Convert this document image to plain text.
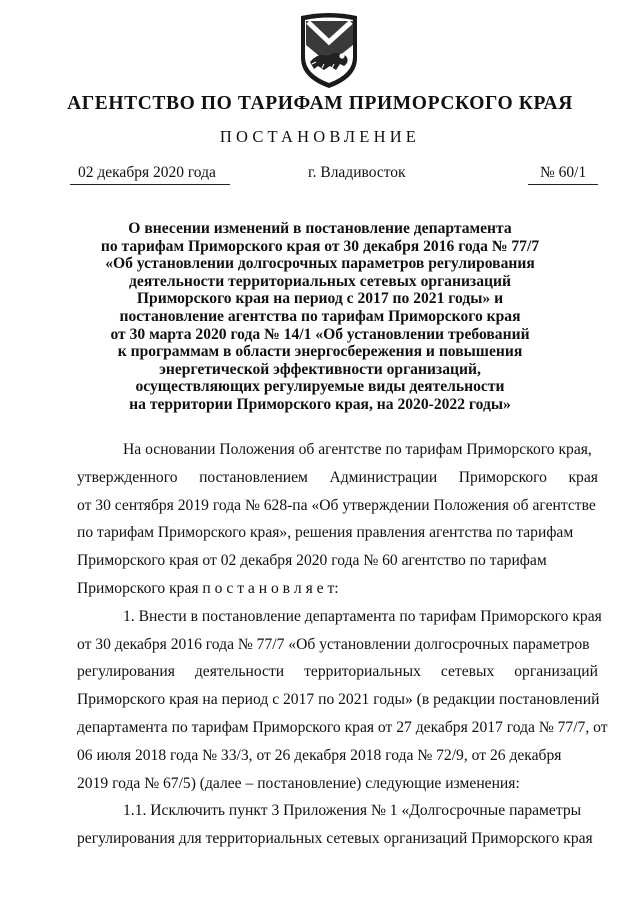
АГЕНТСТВО ПО ТАРИФАМ ПРИМОРСКОГО КРАЯ
ПОСТАНОВЛЕНИЕ
02 декабря 2020 года	г. Владивосток	№ 60/1
О внесении изменений в постановление департамента
по тарифам Приморского края от 30 декабря 2016 года № 77/7
«Об установлении долгосрочных параметров регулирования
деятельности территориальных сетевых организаций
Приморского края на период с 2017 по 2021 годы» и
постановление агентства по тарифам Приморского края
от 30 марта 2020 года № 14/1 «Об установлении требований
к программам в области энергосбережения и повышения
энергетической эффективности организаций,
осуществляющих регулируемые виды деятельности
на территории Приморского края, на 2020-2022 годы»
На основании Положения об агентстве по тарифам Приморского края,
утвержденного постановлением Администрации Приморского края
от 30 сентября 2019 года № 628-па «Об утверждении Положения об агентстве
по тарифам Приморского края», решения правления агентства по тарифам
Приморского края от 02 декабря 2020 года № 60 агентство по тарифам
Приморского края п о с т а н о в л я е т:
1. Внести в постановление департамента по тарифам Приморского края
от 30 декабря 2016 года № 77/7 «Об установлении долгосрочных параметров
регулирования деятельности территориальных сетевых организаций
Приморского края на период с 2017 по 2021 годы» (в редакции постановлений
департамента по тарифам Приморского края от 27 декабря 2017 года № 77/7, от
06 июля 2018 года № 33/3, от 26 декабря 2018 года № 72/9, от 26 декабря
2019 года № 67/5) (далее – постановление) следующие изменения:
1.1. Исключить пункт 3 Приложения № 1 «Долгосрочные параметры
регулирования для территориальных сетевых организаций Приморского края
